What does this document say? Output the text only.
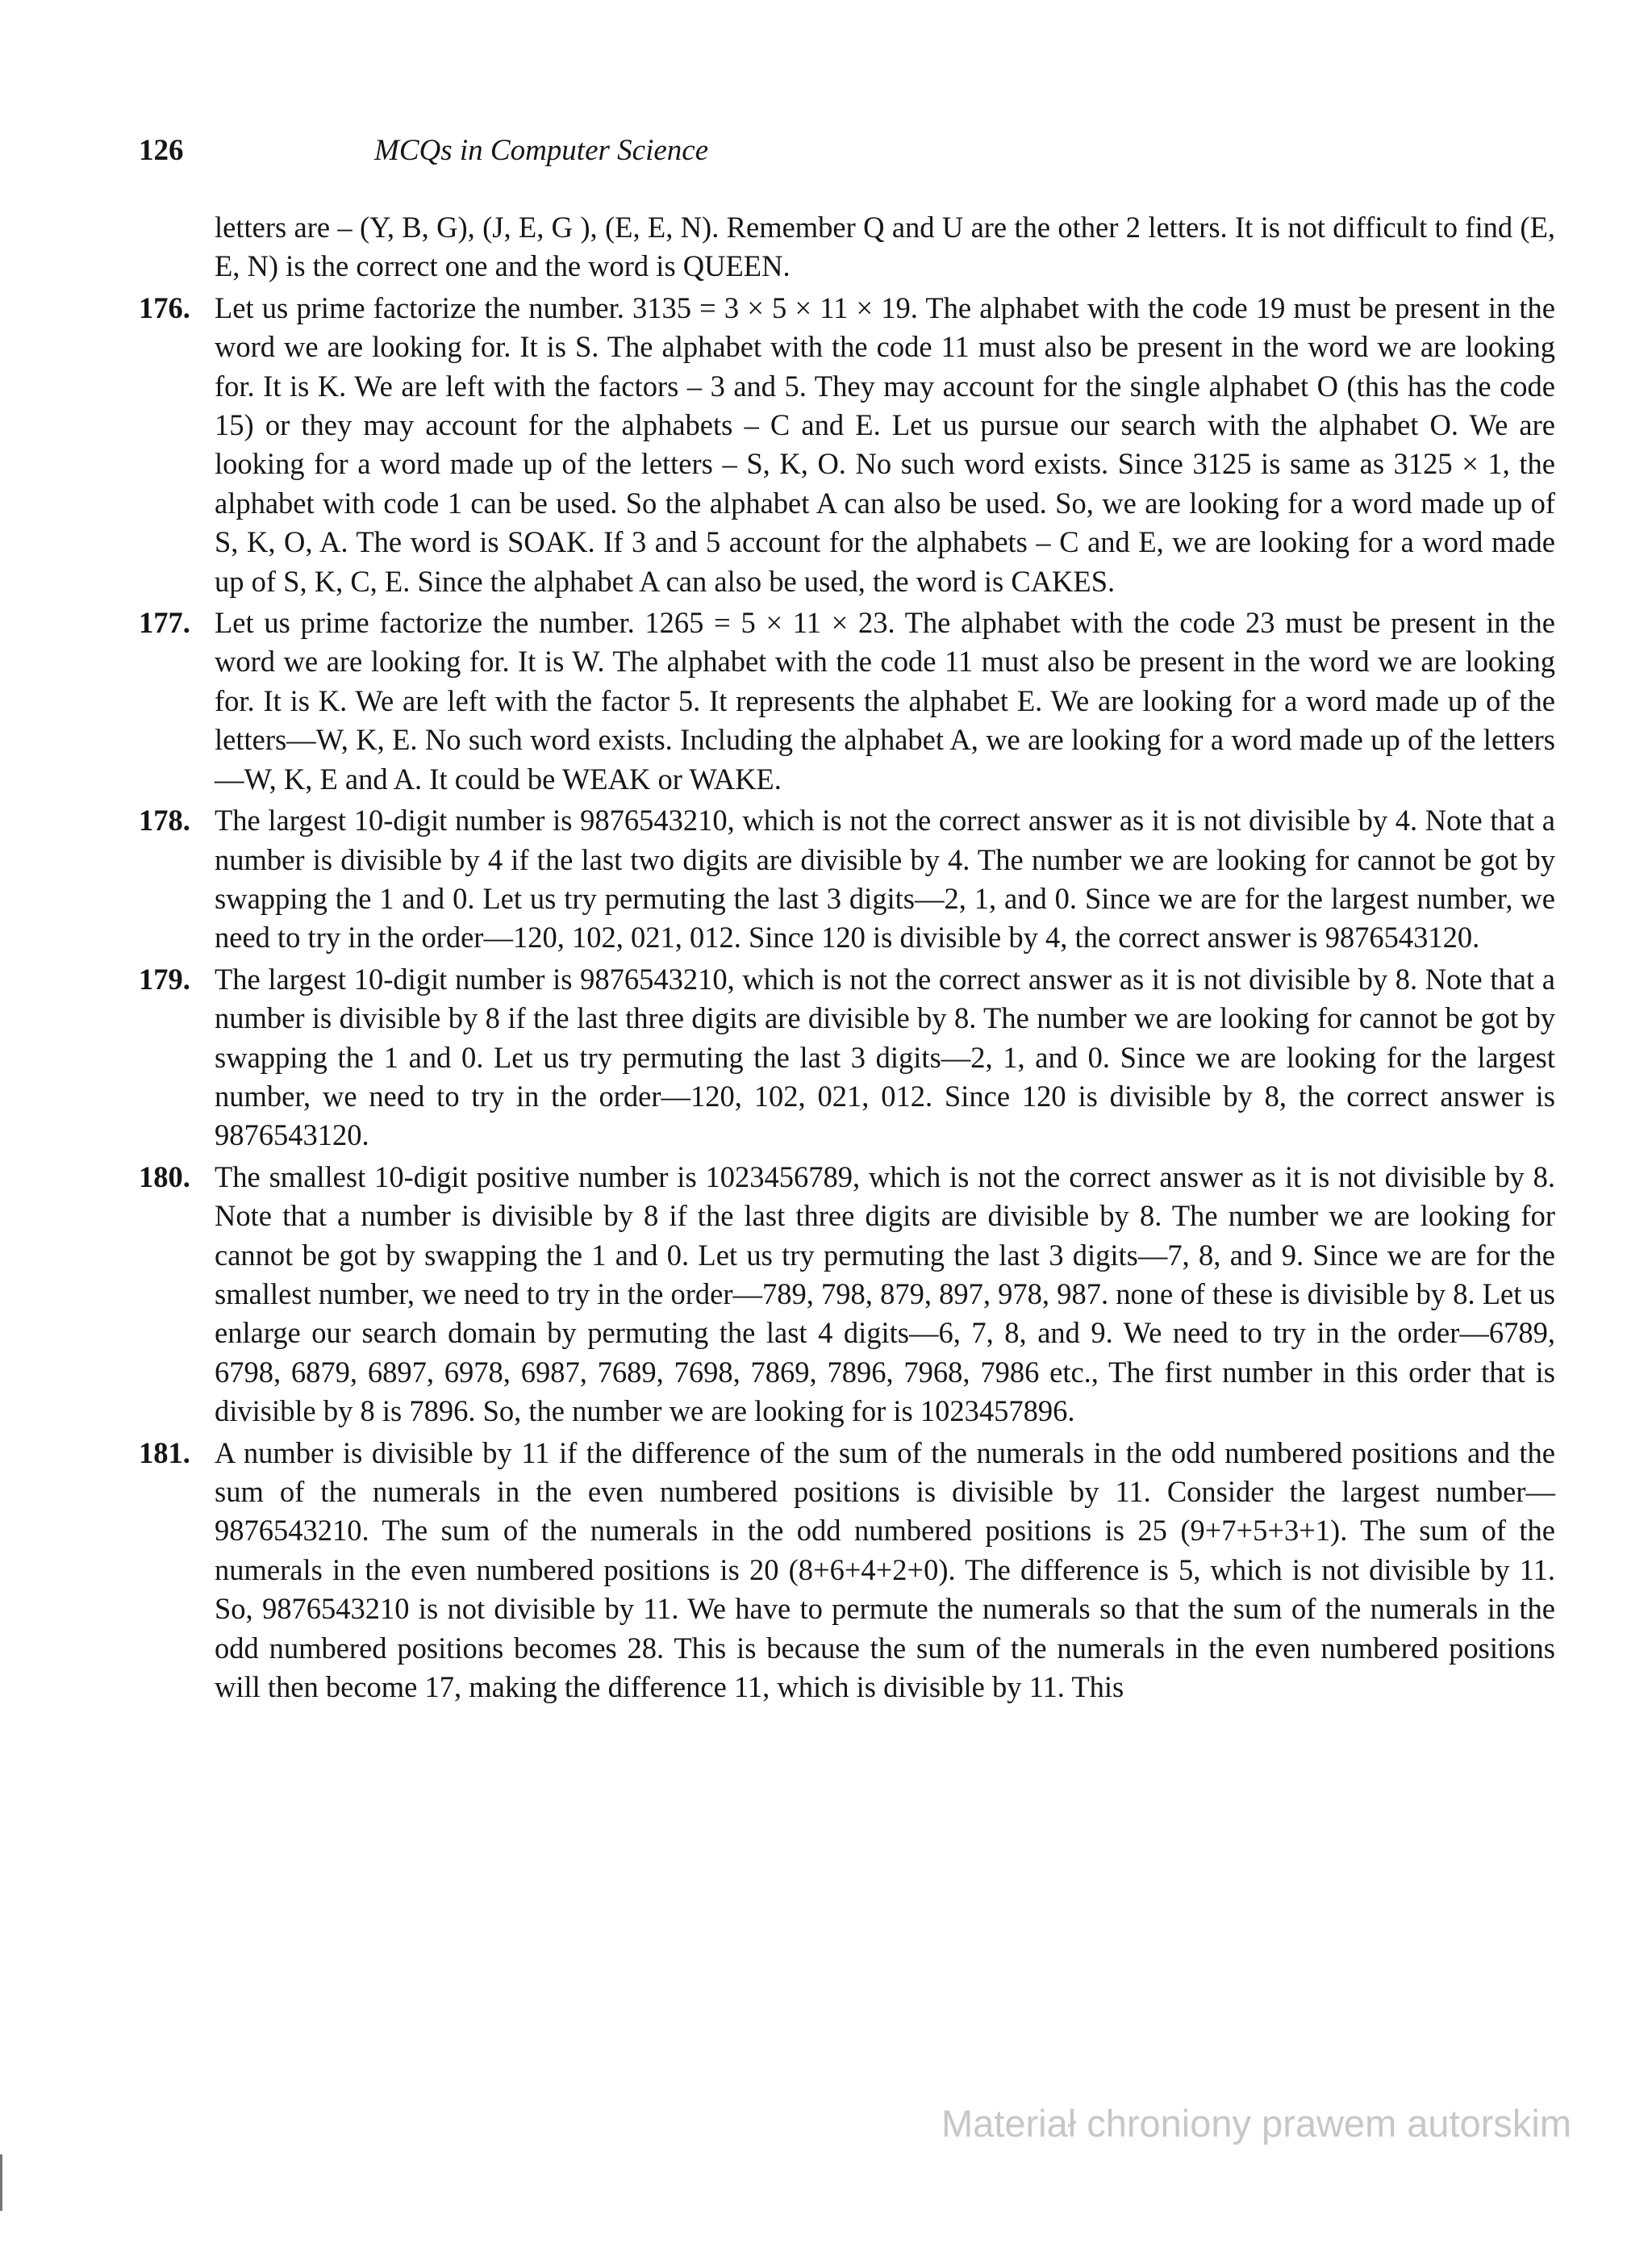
126	MCQs in Computer Science

letters are – (Y, B, G), (J, E, G ), (E, E, N). Remember Q and U are the other 2 letters. It is not difficult to find (E, E, N) is the correct one and the word is QUEEN.

176. Let us prime factorize the number. 3135 = 3 × 5 × 11 × 19. The alphabet with the code 19 must be present in the word we are looking for. It is S. The alphabet with the code 11 must also be present in the word we are looking for. It is K. We are left with the factors – 3 and 5. They may account for the single alphabet O (this has the code 15) or they may account for the alphabets – C and E. Let us pursue our search with the alphabet O. We are looking for a word made up of the letters – S, K, O. No such word exists. Since 3125 is same as 3125 × 1, the alphabet with code 1 can be used. So the alphabet A can also be used. So, we are looking for a word made up of S, K, O, A. The word is SOAK. If 3 and 5 account for the alphabets – C and E, we are looking for a word made up of S, K, C, E. Since the alphabet A can also be used, the word is CAKES.

177. Let us prime factorize the number. 1265 = 5 × 11 × 23. The alphabet with the code 23 must be present in the word we are looking for. It is W. The alphabet with the code 11 must also be present in the word we are looking for. It is K. We are left with the factor 5. It represents the alphabet E. We are looking for a word made up of the letters—W, K, E. No such word exists. Including the alphabet A, we are looking for a word made up of the letters—W, K, E and A. It could be WEAK or WAKE.

178. The largest 10-digit number is 9876543210, which is not the correct answer as it is not divisible by 4. Note that a number is divisible by 4 if the last two digits are divisible by 4. The number we are looking for cannot be got by swapping the 1 and 0. Let us try permuting the last 3 digits—2, 1, and 0. Since we are for the largest number, we need to try in the order—120, 102, 021, 012. Since 120 is divisible by 4, the correct answer is 9876543120.

179. The largest 10-digit number is 9876543210, which is not the correct answer as it is not divisible by 8. Note that a number is divisible by 8 if the last three digits are divisible by 8. The number we are looking for cannot be got by swapping the 1 and 0. Let us try permuting the last 3 digits—2, 1, and 0. Since we are looking for the largest number, we need to try in the order—120, 102, 021, 012. Since 120 is divisible by 8, the correct answer is 9876543120.

180. The smallest 10-digit positive number is 1023456789, which is not the correct answer as it is not divisible by 8. Note that a number is divisible by 8 if the last three digits are divisible by 8. The number we are looking for cannot be got by swapping the 1 and 0. Let us try permuting the last 3 digits—7, 8, and 9. Since we are for the smallest number, we need to try in the order—789, 798, 879, 897, 978, 987. none of these is divisible by 8. Let us enlarge our search domain by permuting the last 4 digits—6, 7, 8, and 9. We need to try in the order—6789, 6798, 6879, 6897, 6978, 6987, 7689, 7698, 7869, 7896, 7968, 7986 etc., The first number in this order that is divisible by 8 is 7896. So, the number we are looking for is 1023457896.

181. A number is divisible by 11 if the difference of the sum of the numerals in the odd numbered positions and the sum of the numerals in the even numbered positions is divisible by 11. Consider the largest number—9876543210. The sum of the numerals in the odd numbered positions is 25 (9+7+5+3+1). The sum of the numerals in the even numbered positions is 20 (8+6+4+2+0). The difference is 5, which is not divisible by 11. So, 9876543210 is not divisible by 11. We have to permute the numerals so that the sum of the numerals in the odd numbered positions becomes 28. This is because the sum of the numerals in the even numbered positions will then become 17, making the difference 11, which is divisible by 11. This

Materiał chroniony prawem autorskim
